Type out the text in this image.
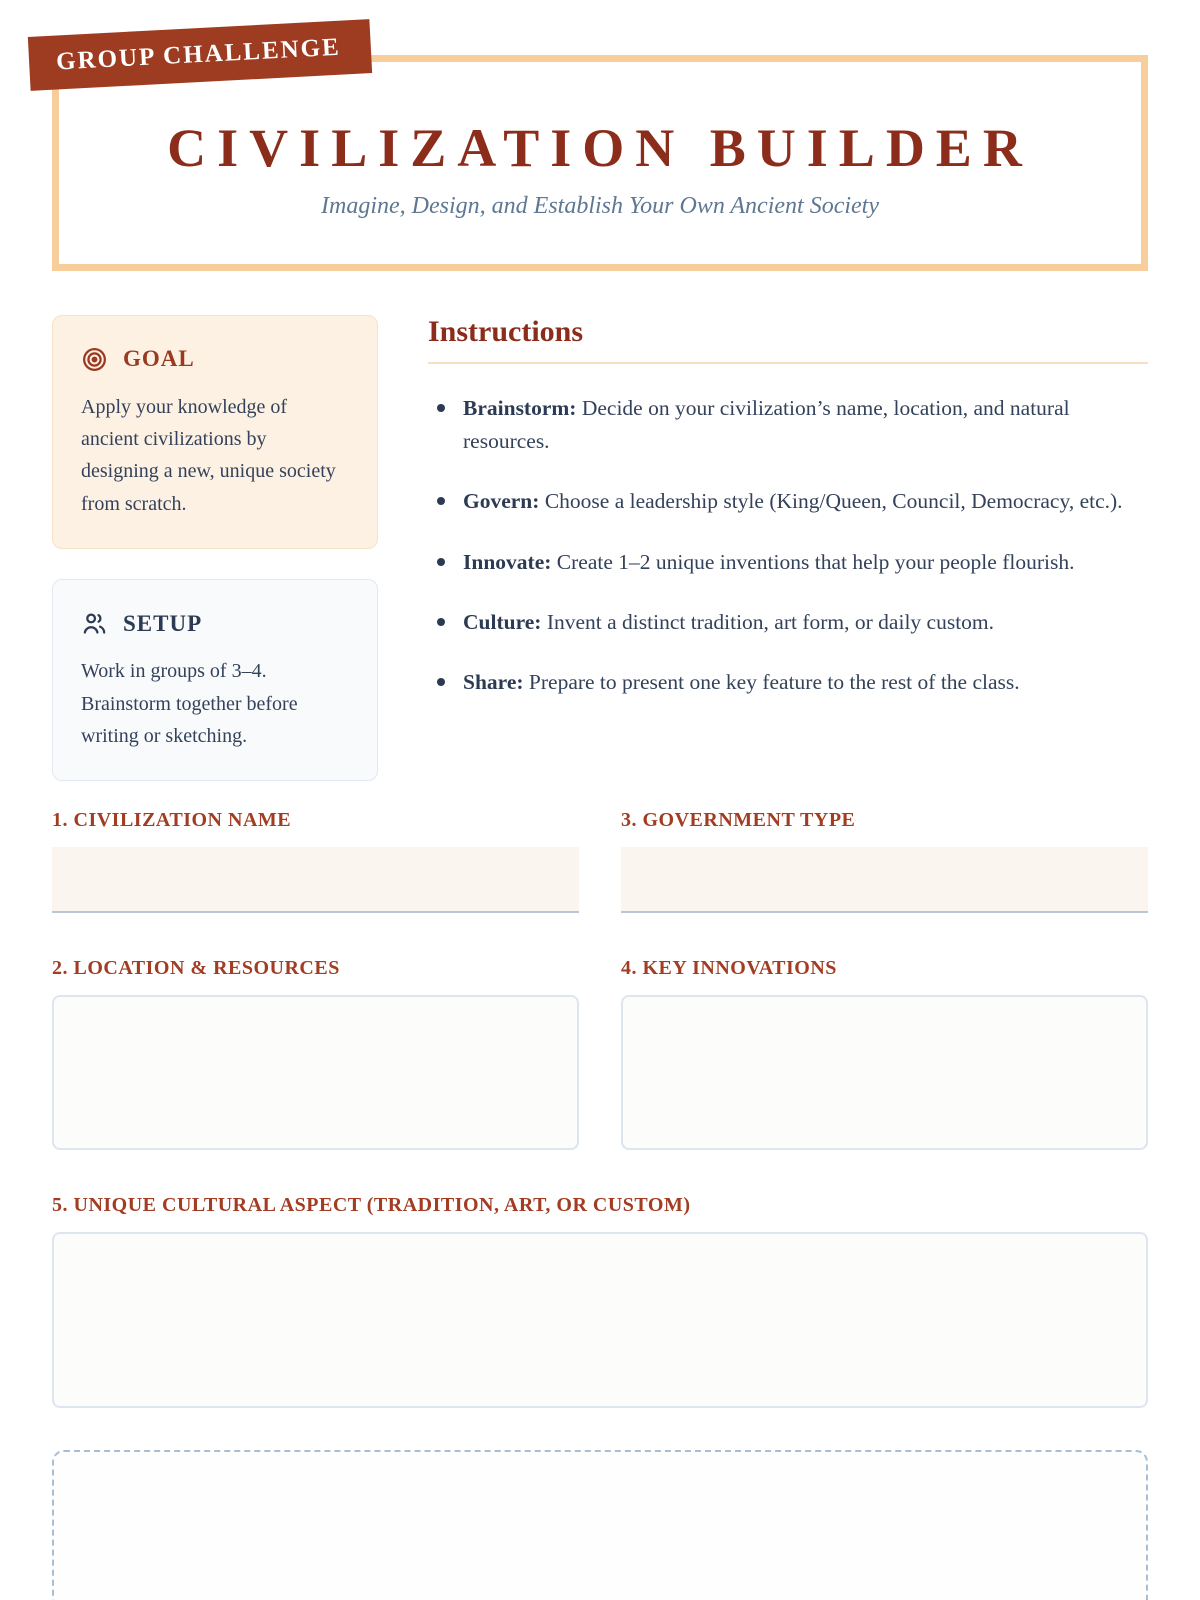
GROUP CHALLENGE
CIVILIZATION BUILDER
Imagine, Design, and Establish Your Own Ancient Society
GOAL
Apply your knowledge of ancient civilizations by designing a new, unique society from scratch.
SETUP
Work in groups of 3–4. Brainstorm together before writing or sketching.
Instructions
Brainstorm: Decide on your civilization’s name, location, and natural resources.
Govern: Choose a leadership style (King/Queen, Council, Democracy, etc.).
Innovate: Create 1–2 unique inventions that help your people flourish.
Culture: Invent a distinct tradition, art form, or daily custom.
Share: Prepare to present one key feature to the rest of the class.
1. CIVILIZATION NAME	3. GOVERNMENT TYPE
2. LOCATION & RESOURCES	4. KEY INNOVATIONS
5. UNIQUE CULTURAL ASPECT (TRADITION, ART, OR CUSTOM)
